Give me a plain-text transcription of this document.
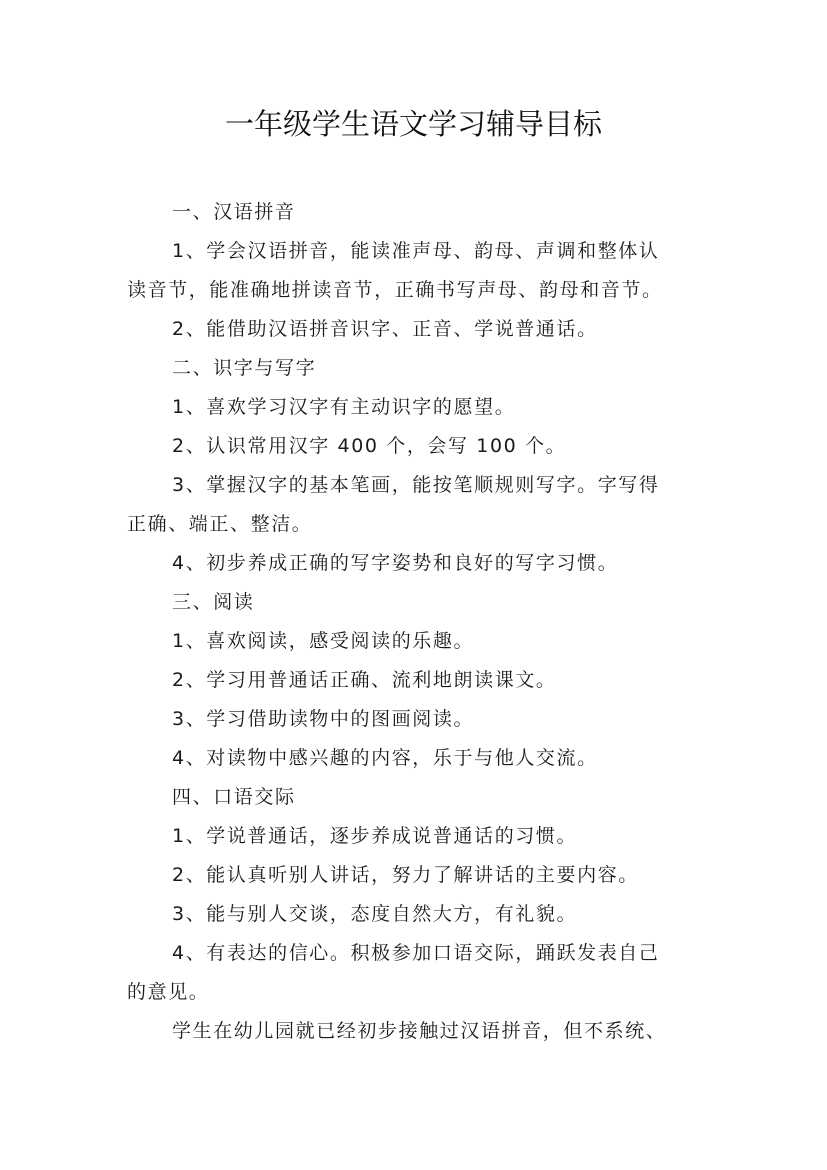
一年级学生语文学习辅导目标
一、汉语拼音
1、学会汉语拼音，能读准声母、韵母、声调和整体认
读音节，能准确地拼读音节，正确书写声母、韵母和音节。
2、能借助汉语拼音识字、正音、学说普通话。
二、识字与写字
1、喜欢学习汉字有主动识字的愿望。
2、认识常用汉字 400 个，会写 100 个。
3、掌握汉字的基本笔画，能按笔顺规则写字。字写得
正确、端正、整洁。
4、初步养成正确的写字姿势和良好的写字习惯。
三、阅读
1、喜欢阅读，感受阅读的乐趣。
2、学习用普通话正确、流利地朗读课文。
3、学习借助读物中的图画阅读。
4、对读物中感兴趣的内容，乐于与他人交流。
四、口语交际
1、学说普通话，逐步养成说普通话的习惯。
2、能认真听别人讲话，努力了解讲话的主要内容。
3、能与别人交谈，态度自然大方，有礼貌。
4、有表达的信心。积极参加口语交际，踊跃发表自己
的意见。
学生在幼儿园就已经初步接触过汉语拼音，但不系统、
